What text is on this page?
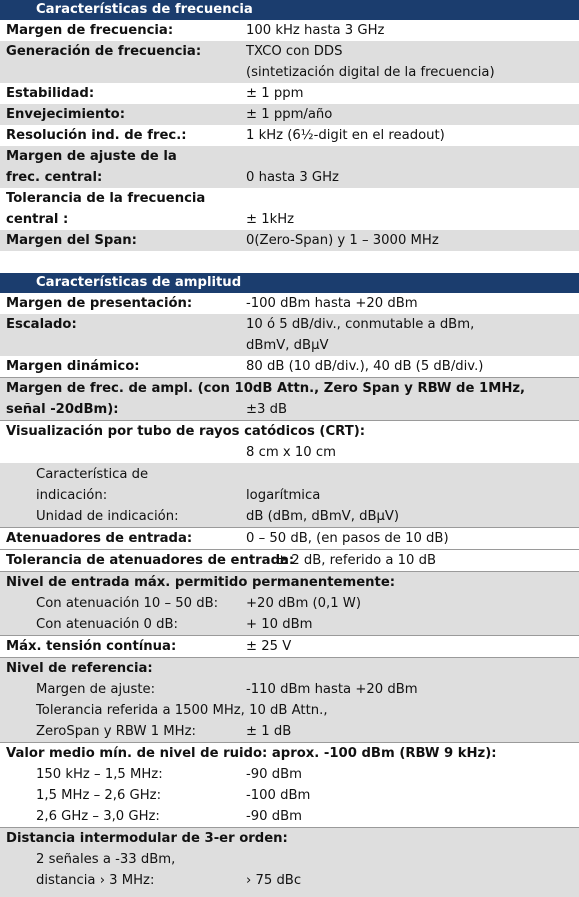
Características de frecuencia
Margen de frecuencia:	100 kHz hasta 3 GHz
Generación de frecuencia:	TXCO con DDS
(sintetización digital de la frecuencia)
Estabilidad:	± 1 ppm
Envejecimiento:	± 1 ppm/año
Resolución ind. de frec.:	1 kHz (6½-digit en el readout)
Margen de ajuste de la
frec. central:	0 hasta 3 GHz
Tolerancia de la frecuencia
central :	± 1kHz
Margen del Span:	0(Zero-Span) y 1 – 3000 MHz
Características de amplitud
Margen de presentación:	-100 dBm hasta +20 dBm
Escalado:	10 ó 5 dB/div., conmutable a dBm,
dBmV, dBµV
Margen dinámico:	80 dB (10 dB/div.), 40 dB (5 dB/div.)
Margen de frec. de ampl. (con 10dB Attn., Zero Span y RBW de 1MHz,
señal -20dBm):	±3 dB
Visualización por tubo de rayos catódicos (CRT):
8 cm x 10 cm
Característica de
indicación:	logarítmica
Unidad de indicación:	dB (dBm, dBmV, dBµV)
Atenuadores de entrada:	0 – 50 dB, (en pasos de 10 dB)
Tolerancia de atenuadores de entrada:
± 2 dB, referido a 10 dB
Nivel de entrada máx. permitido permanentemente:
Con atenuación 10 – 50 dB: +20 dBm (0,1 W)
Con atenuación 0 dB:	+ 10 dBm
Máx. tensión contínua:	± 25 V
Nivel de referencia:
Margen de ajuste:	-110 dBm hasta +20 dBm
Tolerancia referida a 1500 MHz, 10 dB Attn.,
ZeroSpan y RBW 1 MHz:	± 1 dB
Valor medio mín. de nivel de ruido: aprox. -100 dBm (RBW 9 kHz):
150 kHz – 1,5 MHz:	-90 dBm
1,5 MHz – 2,6 GHz:	-100 dBm
2,6 GHz – 3,0 GHz:	-90 dBm
Distancia intermodular de 3-er orden:
2 señales a -33 dBm,
distancia › 3 MHz:	› 75 dBc
